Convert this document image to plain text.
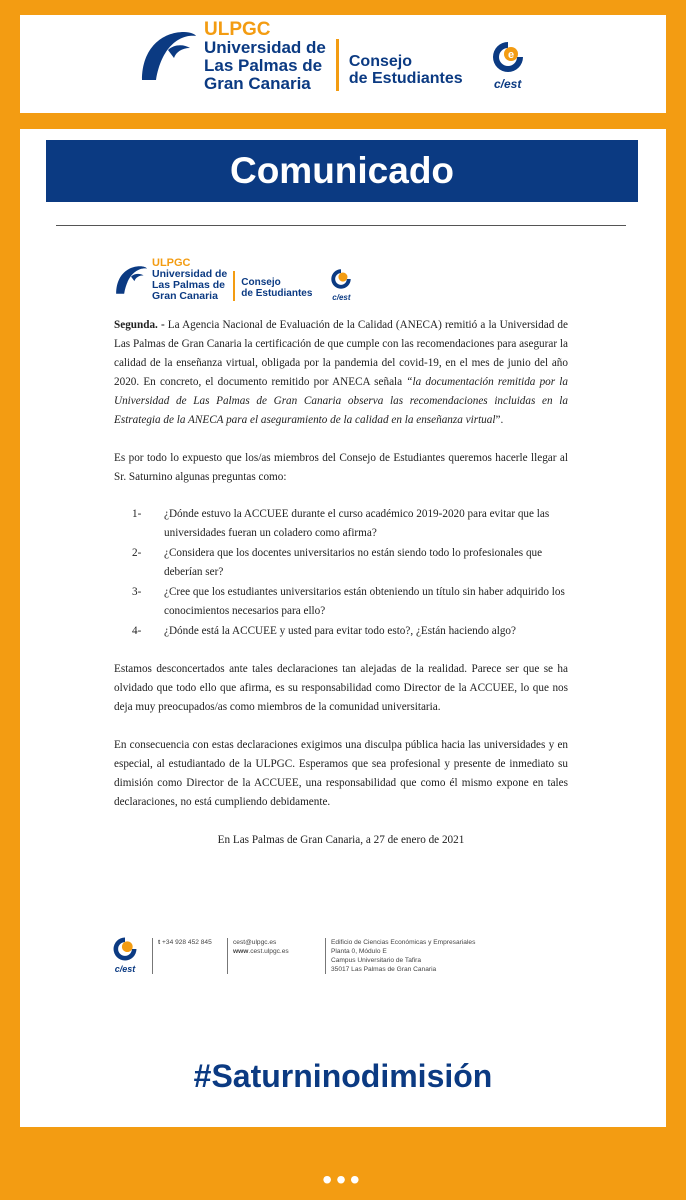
ULPGC
Universidad de
Las Palmas de
Gran Canaria
Consejo
de Estudiantes
e
c/est
Comunicado
ULPGC
Universidad de
Las Palmas de
Gran Canaria
Consejo
de Estudiantes c/est

Segunda. - La Agencia Nacional de Evaluación de la Calidad (ANECA) remitió a la Universidad de Las Palmas de Gran Canaria la certificación de que cumple con las recomendaciones para asegurar la calidad de la enseñanza virtual, obligada por la pandemia del covid-19, en el mes de junio del año 2020. En concreto, el documento remitido por ANECA señala “la documentación remitida por la Universidad de Las Palmas de Gran Canaria observa las recomendaciones incluidas en la Estrategia de la ANECA para el aseguramiento de la calidad en la enseñanza virtual”.

Es por todo lo expuesto que los/as miembros del Consejo de Estudiantes queremos hacerle llegar al Sr. Saturnino algunas preguntas como:

1-	¿Dónde estuvo la ACCUEE durante el curso académico 2019-2020 para evitar que las universidades fueran un coladero como afirma?
2-	¿Considera que los docentes universitarios no están siendo todo lo profesionales que deberían ser?
3-	¿Cree que los estudiantes universitarios están obteniendo un título sin haber adquirido los conocimientos necesarios para ello?
4-	¿Dónde está la ACCUEE y usted para evitar todo esto?, ¿Están haciendo algo?

Estamos desconcertados ante tales declaraciones tan alejadas de la realidad. Parece ser que se ha olvidado que todo ello que afirma, es su responsabilidad como Director de la ACCUEE, lo que nos deja muy preocupados/as como miembros de la comunidad universitaria.

En consecuencia con estas declaraciones exigimos una disculpa pública hacia las universidades y en especial, al estudiantado de la ULPGC. Esperamos que sea profesional y presente de inmediato su dimisión como Director de la ACCUEE, una responsabilidad que como él mismo expone en tales declaraciones, no está cumpliendo debidamente.

En Las Palmas de Gran Canaria, a 27 de enero de 2021

c/est
t +34 928 452 845	cest@ulpgc.es
www.cest.ulpgc.es
Edificio de Ciencias Económicas y Empresariales
Planta 0, Módulo E
Campus Universitario de Tafira
35017 Las Palmas de Gran Canaria
#Saturninodimisión
•••
